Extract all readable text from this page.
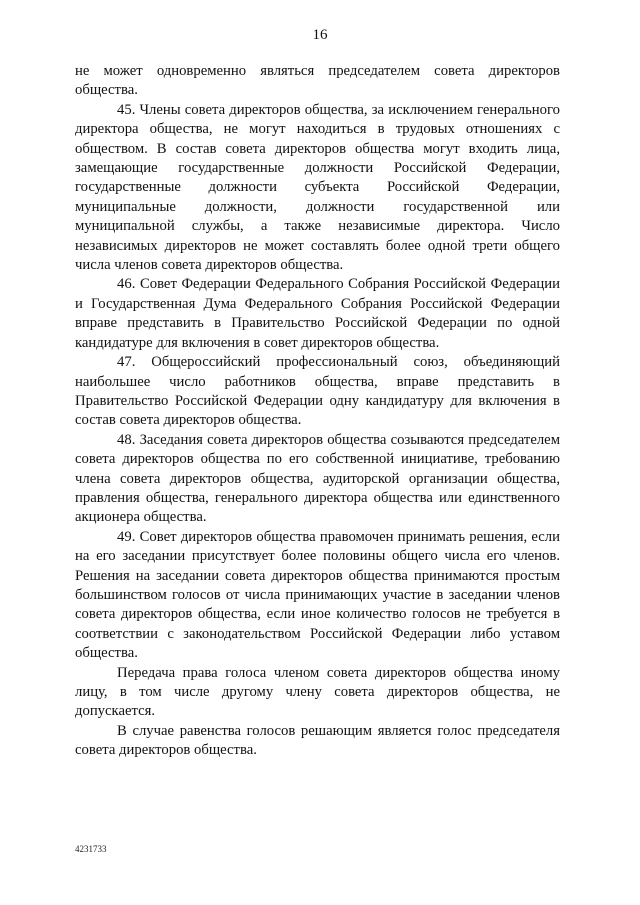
16

не может одновременно являться председателем совета директоров общества.

45. Члены совета директоров общества, за исключением генерального директора общества, не могут находиться в трудовых отношениях с обществом. В состав совета директоров общества могут входить лица, замещающие государственные должности Российской Федерации, государственные должности субъекта Российской Федерации, муниципальные должности, должности государственной или муниципальной службы, а также независимые директора. Число независимых директоров не может составлять более одной трети общего числа членов совета директоров общества.

46. Совет Федерации Федерального Собрания Российской Федерации и Государственная Дума Федерального Собрания Российской Федерации вправе представить в Правительство Российской Федерации по одной кандидатуре для включения в совет директоров общества.

47. Общероссийский профессиональный союз, объединяющий наибольшее число работников общества, вправе представить в Правительство Российской Федерации одну кандидатуру для включения в состав совета директоров общества.

48. Заседания совета директоров общества созываются председателем совета директоров общества по его собственной инициативе, требованию члена совета директоров общества, аудиторской организации общества, правления общества, генерального директора общества или единственного акционера общества.

49. Совет директоров общества правомочен принимать решения, если на его заседании присутствует более половины общего числа его членов. Решения на заседании совета директоров общества принимаются простым большинством голосов от числа принимающих участие в заседании членов совета директоров общества, если иное количество голосов не требуется в соответствии с законодательством Российской Федерации либо уставом общества.

Передача права голоса членом совета директоров общества иному лицу, в том числе другому члену совета директоров общества, не допускается.

В случае равенства голосов решающим является голос председателя совета директоров общества.

4231733
